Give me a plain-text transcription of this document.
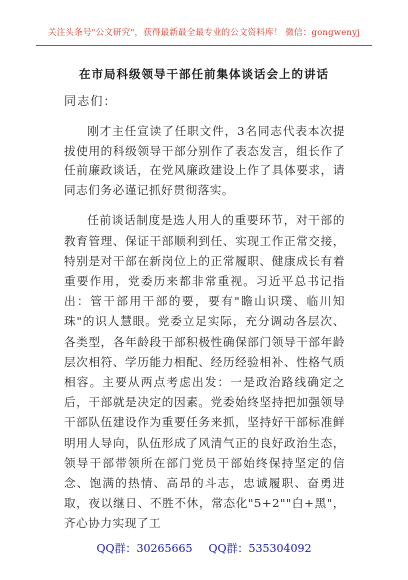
关注头条号"公文研究"，获得最新最全最专业的公文资料库！ 微信：gongwenyj
在市局科级领导干部任前集体谈话会上的讲话
同志们：

刚才主任宣读了任职文件，3名同志代表本次提拔使用的科级领导干部分别作了表态发言，组长作了任前廉政谈话，在党风廉政建设上作了具体要求，请同志们务必谨记抓好贯彻落实。

任前谈话制度是选人用人的重要环节，对干部的教育管理、保证干部顺利到任、实现工作正常交接，特别是对干部在新岗位上的正常履职、健康成长有着重要作用，党委历来都非常重视。习近平总书记指出：管干部用干部的要，要有"瞻山识璞、临川知珠"的识人慧眼。党委立足实际，充分调动各层次、各类型，各年龄段干部积极性确保部门领导干部年龄层次相符、学历能力相配、经历经验相补、性格气质相容。主要从两点考虑出发：一是政治路线确定之后，干部就是决定的因素。党委始终坚持把加强领导干部队伍建设作为重要任务来抓，坚持好干部标准鲜明用人导向，队伍形成了风清气正的良好政治生态，领导干部带领所在部门党员干部始终保持坚定的信念、饱满的热情、高昂的斗志，忠诚履职、奋勇进取，夜以继日、不胜不休，常态化"5+2""白+黑"，齐心协力实现了工

QQ群：30265665 QQ群：535304092
